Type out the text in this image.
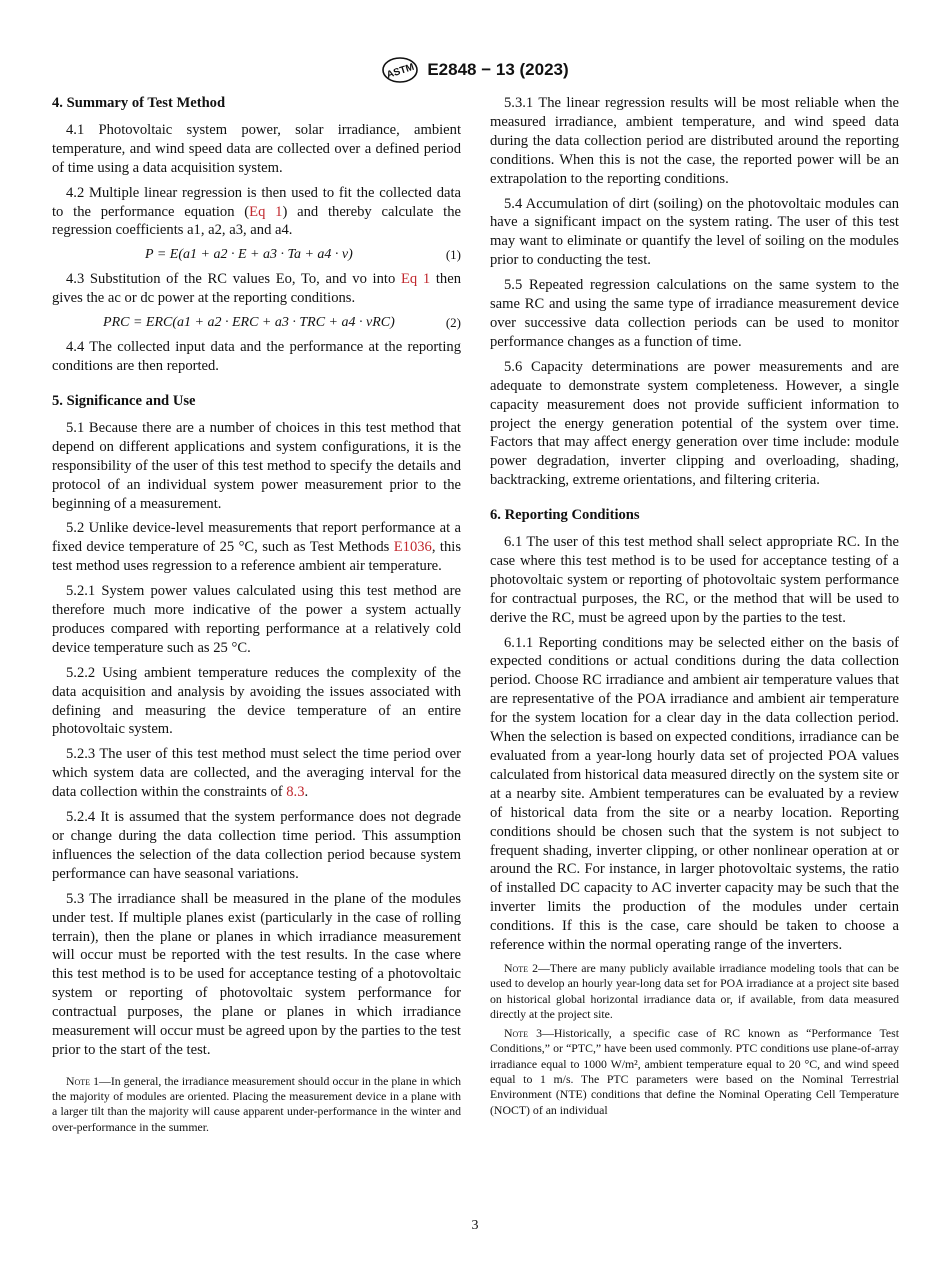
ASTM E2848 − 13 (2023)
4. Summary of Test Method

4.1 Photovoltaic system power, solar irradiance, ambient temperature, and wind speed data are collected over a defined period of time using a data acquisition system.

4.2 Multiple linear regression is then used to fit the collected data to the performance equation (Eq 1) and thereby calculate the regression coefficients a1, a2, a3, and a4.

P = E(a1 + a2 · E + a3 · Ta + a4 · v)	(1)

4.3 Substitution of the RC values Eo, To, and vo into Eq 1 then gives the ac or dc power at the reporting conditions.

PRC = ERC(a1 + a2 · ERC + a3 · TRC + a4 · vRC)	(2)

4.4 The collected input data and the performance at the reporting conditions are then reported.

5. Significance and Use

5.1 Because there are a number of choices in this test method that depend on different applications and system configurations, it is the responsibility of the user of this test method to specify the details and protocol of an individual system power measurement prior to the beginning of a measurement.

5.2 Unlike device-level measurements that report performance at a fixed device temperature of 25 °C, such as Test Methods E1036, this test method uses regression to a reference ambient air temperature.

5.2.1 System power values calculated using this test method are therefore much more indicative of the power a system actually produces compared with reporting performance at a relatively cold device temperature such as 25 °C.

5.2.2 Using ambient temperature reduces the complexity of the data acquisition and analysis by avoiding the issues associated with defining and measuring the device temperature of an entire photovoltaic system.

5.2.3 The user of this test method must select the time period over which system data are collected, and the averaging interval for the data collection within the constraints of 8.3.

5.2.4 It is assumed that the system performance does not degrade or change during the data collection time period. This assumption influences the selection of the data collection period because system performance can have seasonal variations.

5.3 The irradiance shall be measured in the plane of the modules under test. If multiple planes exist (particularly in the case of rolling terrain), then the plane or planes in which irradiance measurement will occur must be reported with the test results. In the case where this test method is to be used for acceptance testing of a photovoltaic system or reporting of photovoltaic system performance for contractual purposes, the plane or planes in which irradiance measurement will occur must be agreed upon by the parties to the test prior to the start of the test.

Note 1—In general, the irradiance measurement should occur in the plane in which the majority of modules are oriented. Placing the measurement device in a plane with a larger tilt than the majority will cause apparent under-performance in the winter and over-performance in the summer.

5.3.1 The linear regression results will be most reliable when the measured irradiance, ambient temperature, and wind speed data during the data collection period are distributed around the reporting conditions. When this is not the case, the reported power will be an extrapolation to the reporting conditions.

5.4 Accumulation of dirt (soiling) on the photovoltaic modules can have a significant impact on the system rating. The user of this test may want to eliminate or quantify the level of soiling on the modules prior to conducting the test.

5.5 Repeated regression calculations on the same system to the same RC and using the same type of irradiance measurement device over successive data collection periods can be used to monitor performance changes as a function of time.

5.6 Capacity determinations are power measurements and are adequate to demonstrate system completeness. However, a single capacity measurement does not provide sufficient information to project the energy generation potential of the system over time. Factors that may affect energy generation over time include: module power degradation, inverter clipping and overloading, shading, backtracking, extreme orientations, and filtering criteria.

6. Reporting Conditions

6.1 The user of this test method shall select appropriate RC. In the case where this test method is to be used for acceptance testing of a photovoltaic system or reporting of photovoltaic system performance for contractual purposes, the RC, or the method that will be used to derive the RC, must be agreed upon by the parties to the test.

6.1.1 Reporting conditions may be selected either on the basis of expected conditions or actual conditions during the data collection period. Choose RC irradiance and ambient air temperature values that are representative of the POA irradiance and ambient air temperature for the system location for a clear day in the data collection period. When the selection is based on expected conditions, irradiance can be evaluated from a year-long hourly data set of projected POA values calculated from historical data measured directly on the system site or at a nearby site. Ambient temperatures can be evaluated by a review of historical data from the site or a nearby location. Reporting conditions should be chosen such that the system is not subject to frequent shading, inverter clipping, or other nonlinear operation at or around the RC. For instance, in larger photovoltaic systems, the ratio of installed DC capacity to AC inverter capacity may be such that the inverter limits the production of the modules under certain conditions. If this is the case, care should be taken to choose a reference within the normal operating range of the inverters.

Note 2—There are many publicly available irradiance modeling tools that can be used to develop an hourly year-long data set for POA irradiance at a project site based on historical global horizontal irradiance data or, if available, from data measured directly at the project site.

Note 3—Historically, a specific case of RC known as “Performance Test Conditions,” or “PTC,” have been used commonly. PTC conditions use plane-of-array irradiance equal to 1000 W/m², ambient temperature equal to 20 °C, and wind speed equal to 1 m/s. The PTC parameters were based on the Nominal Terrestrial Environment (NTE) conditions that define the Nominal Operating Cell Temperature (NOCT) of an individual

3
